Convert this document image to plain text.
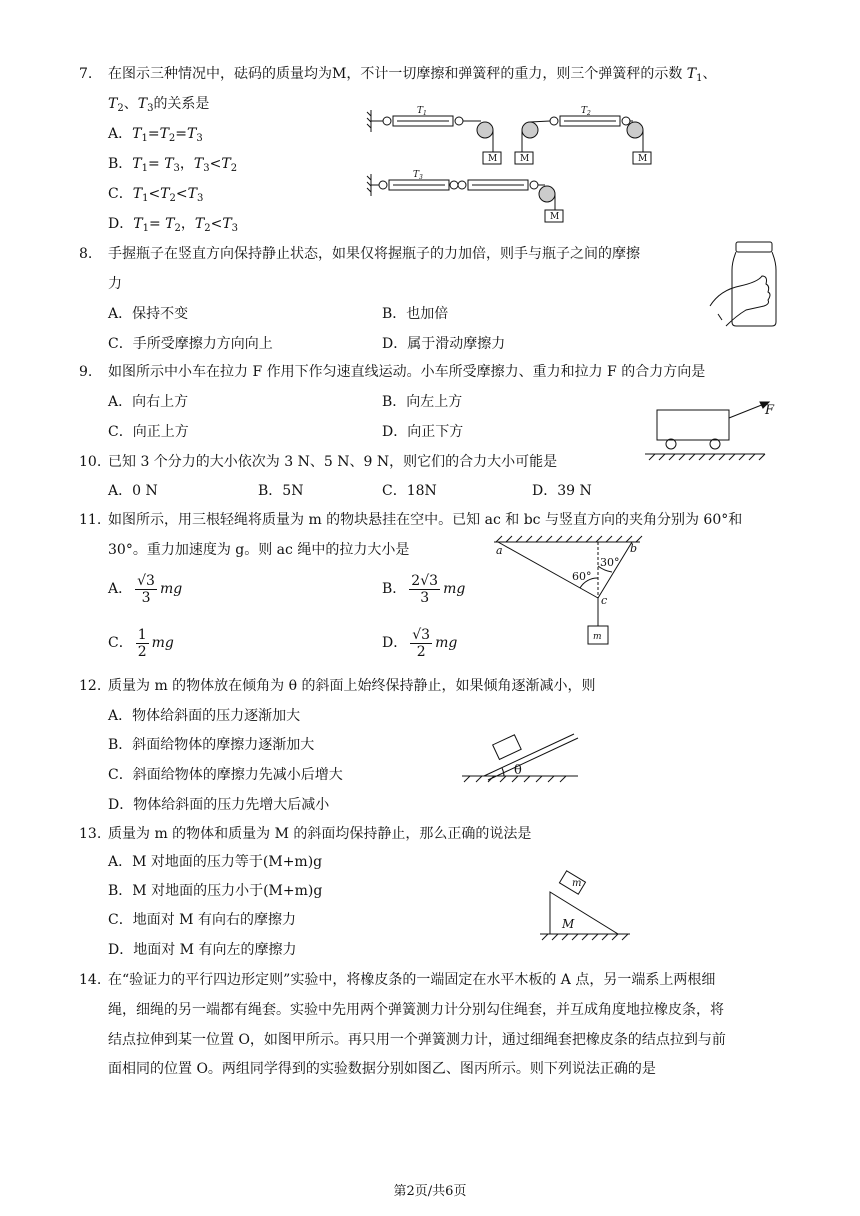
7. 在图示三种情况中，砝码的质量均为M，不计一切摩擦和弹簧秤的重力，则三个弹簧秤的示数 $T_1$、
$T_2$、$T_3$的关系是
A．$T_1=T_2=T_3$
B．$T_1= T_3$，$T_3<T_2$
C．$T_1<T_2<T_3$
D．$T_1= T_2$，$T_2<T_3$
M	M	M
M
$T_1$	$T_2$
$T_3$
8. 手握瓶子在竖直方向保持静止状态，如果仅将握瓶子的力加倍，则手与瓶子之间的摩擦
力
A．保持不变	B．也加倍
C．手所受摩擦力方向向上	D．属于滑动摩擦力
9. 如图所示中小车在拉力 F 作用下作匀速直线运动。小车所受摩擦力、重力和拉力 F 的合力方向是
A．向右上方	B．向左上方
C．向正上方	D．向正下方
F
10. 已知 3 个分力的大小依次为 3 N、5 N、9 N，则它们的合力大小可能是
A．0 N	B．5N	C．18N	D．39 N
11. 如图所示，用三根轻绳将质量为 m 的物块悬挂在空中。已知 ac 和 bc 与竖直方向的夹角分别为 60°和
30°。重力加速度为 g。则 ac 绳中的拉力大小是
A． $\frac{√3}{3}$ mg	B． $\frac{2√3}{3}$ mg
C． $\frac{1}{2}$ mg	D． $\frac{√3}{2}$ mg
a	b
c
m
60°
30°
12. 质量为 m 的物体放在倾角为 θ 的斜面上始终保持静止，如果倾角逐渐减小，则
A．物体给斜面的压力逐渐加大
B．斜面给物体的摩擦力逐渐加大
C．斜面给物体的摩擦力先减小后增大
D．物体给斜面的压力先增大后减小
θ
13. 质量为 m 的物体和质量为 M 的斜面均保持静止，那么正确的说法是
A．M 对地面的压力等于(M+m)g
B．M 对地面的压力小于(M+m)g
C．地面对 M 有向右的摩擦力
D．地面对 M 有向左的摩擦力
m
M
14. 在“验证力的平行四边形定则”实验中，将橡皮条的一端固定在水平木板的 A 点，另一端系上两根细
绳，细绳的另一端都有绳套。实验中先用两个弹簧测力计分别勾住绳套，并互成角度地拉橡皮条，将
结点拉伸到某一位置 O，如图甲所示。再只用一个弹簧测力计，通过细绳套把橡皮条的结点拉到与前
面相同的位置 O。两组同学得到的实验数据分别如图乙、图丙所示。则下列说法正确的是
第2页/共6页
